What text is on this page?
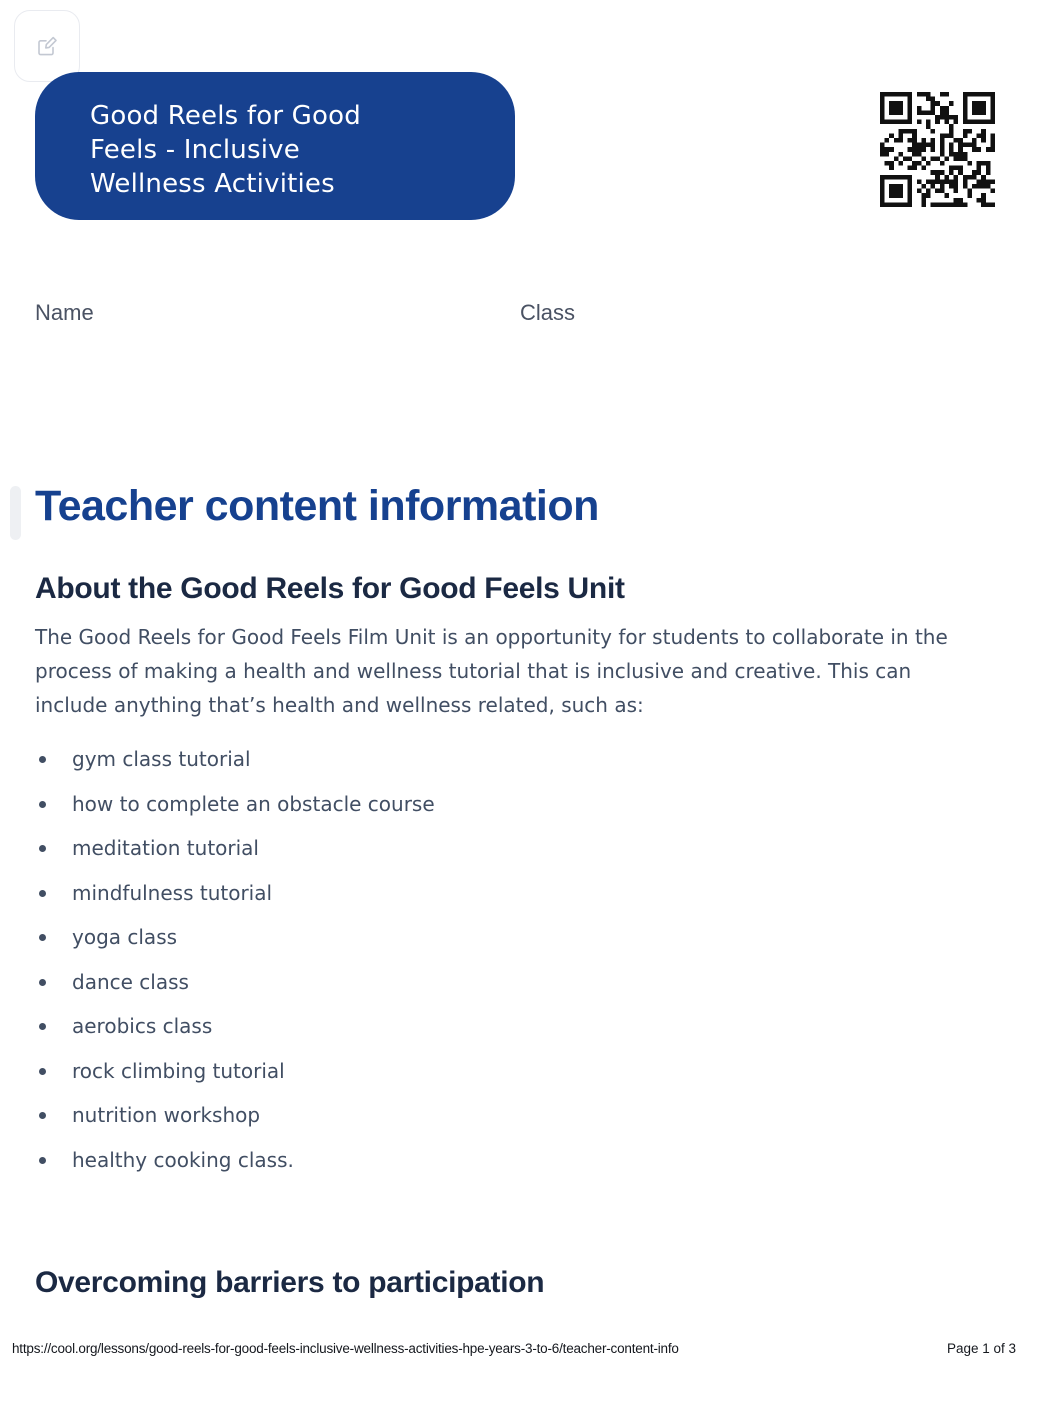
Good Reels for Good Feels - Inclusive Wellness Activities
Name	Class
Teacher content information
About the Good Reels for Good Feels Unit

The Good Reels for Good Feels Film Unit is an opportunity for students to collaborate in the process of making a health and wellness tutorial that is inclusive and creative. This can include anything that’s health and wellness related, such as:

gym class tutorial
how to complete an obstacle course
meditation tutorial
mindfulness tutorial
yoga class
dance class
aerobics class
rock climbing tutorial
nutrition workshop
healthy cooking class.
Overcoming barriers to participation
https://cool.org/lessons/good-reels-for-good-feels-inclusive-wellness-activities-hpe-years-3-to-6/teacher-content-info	Page 1 of 3
